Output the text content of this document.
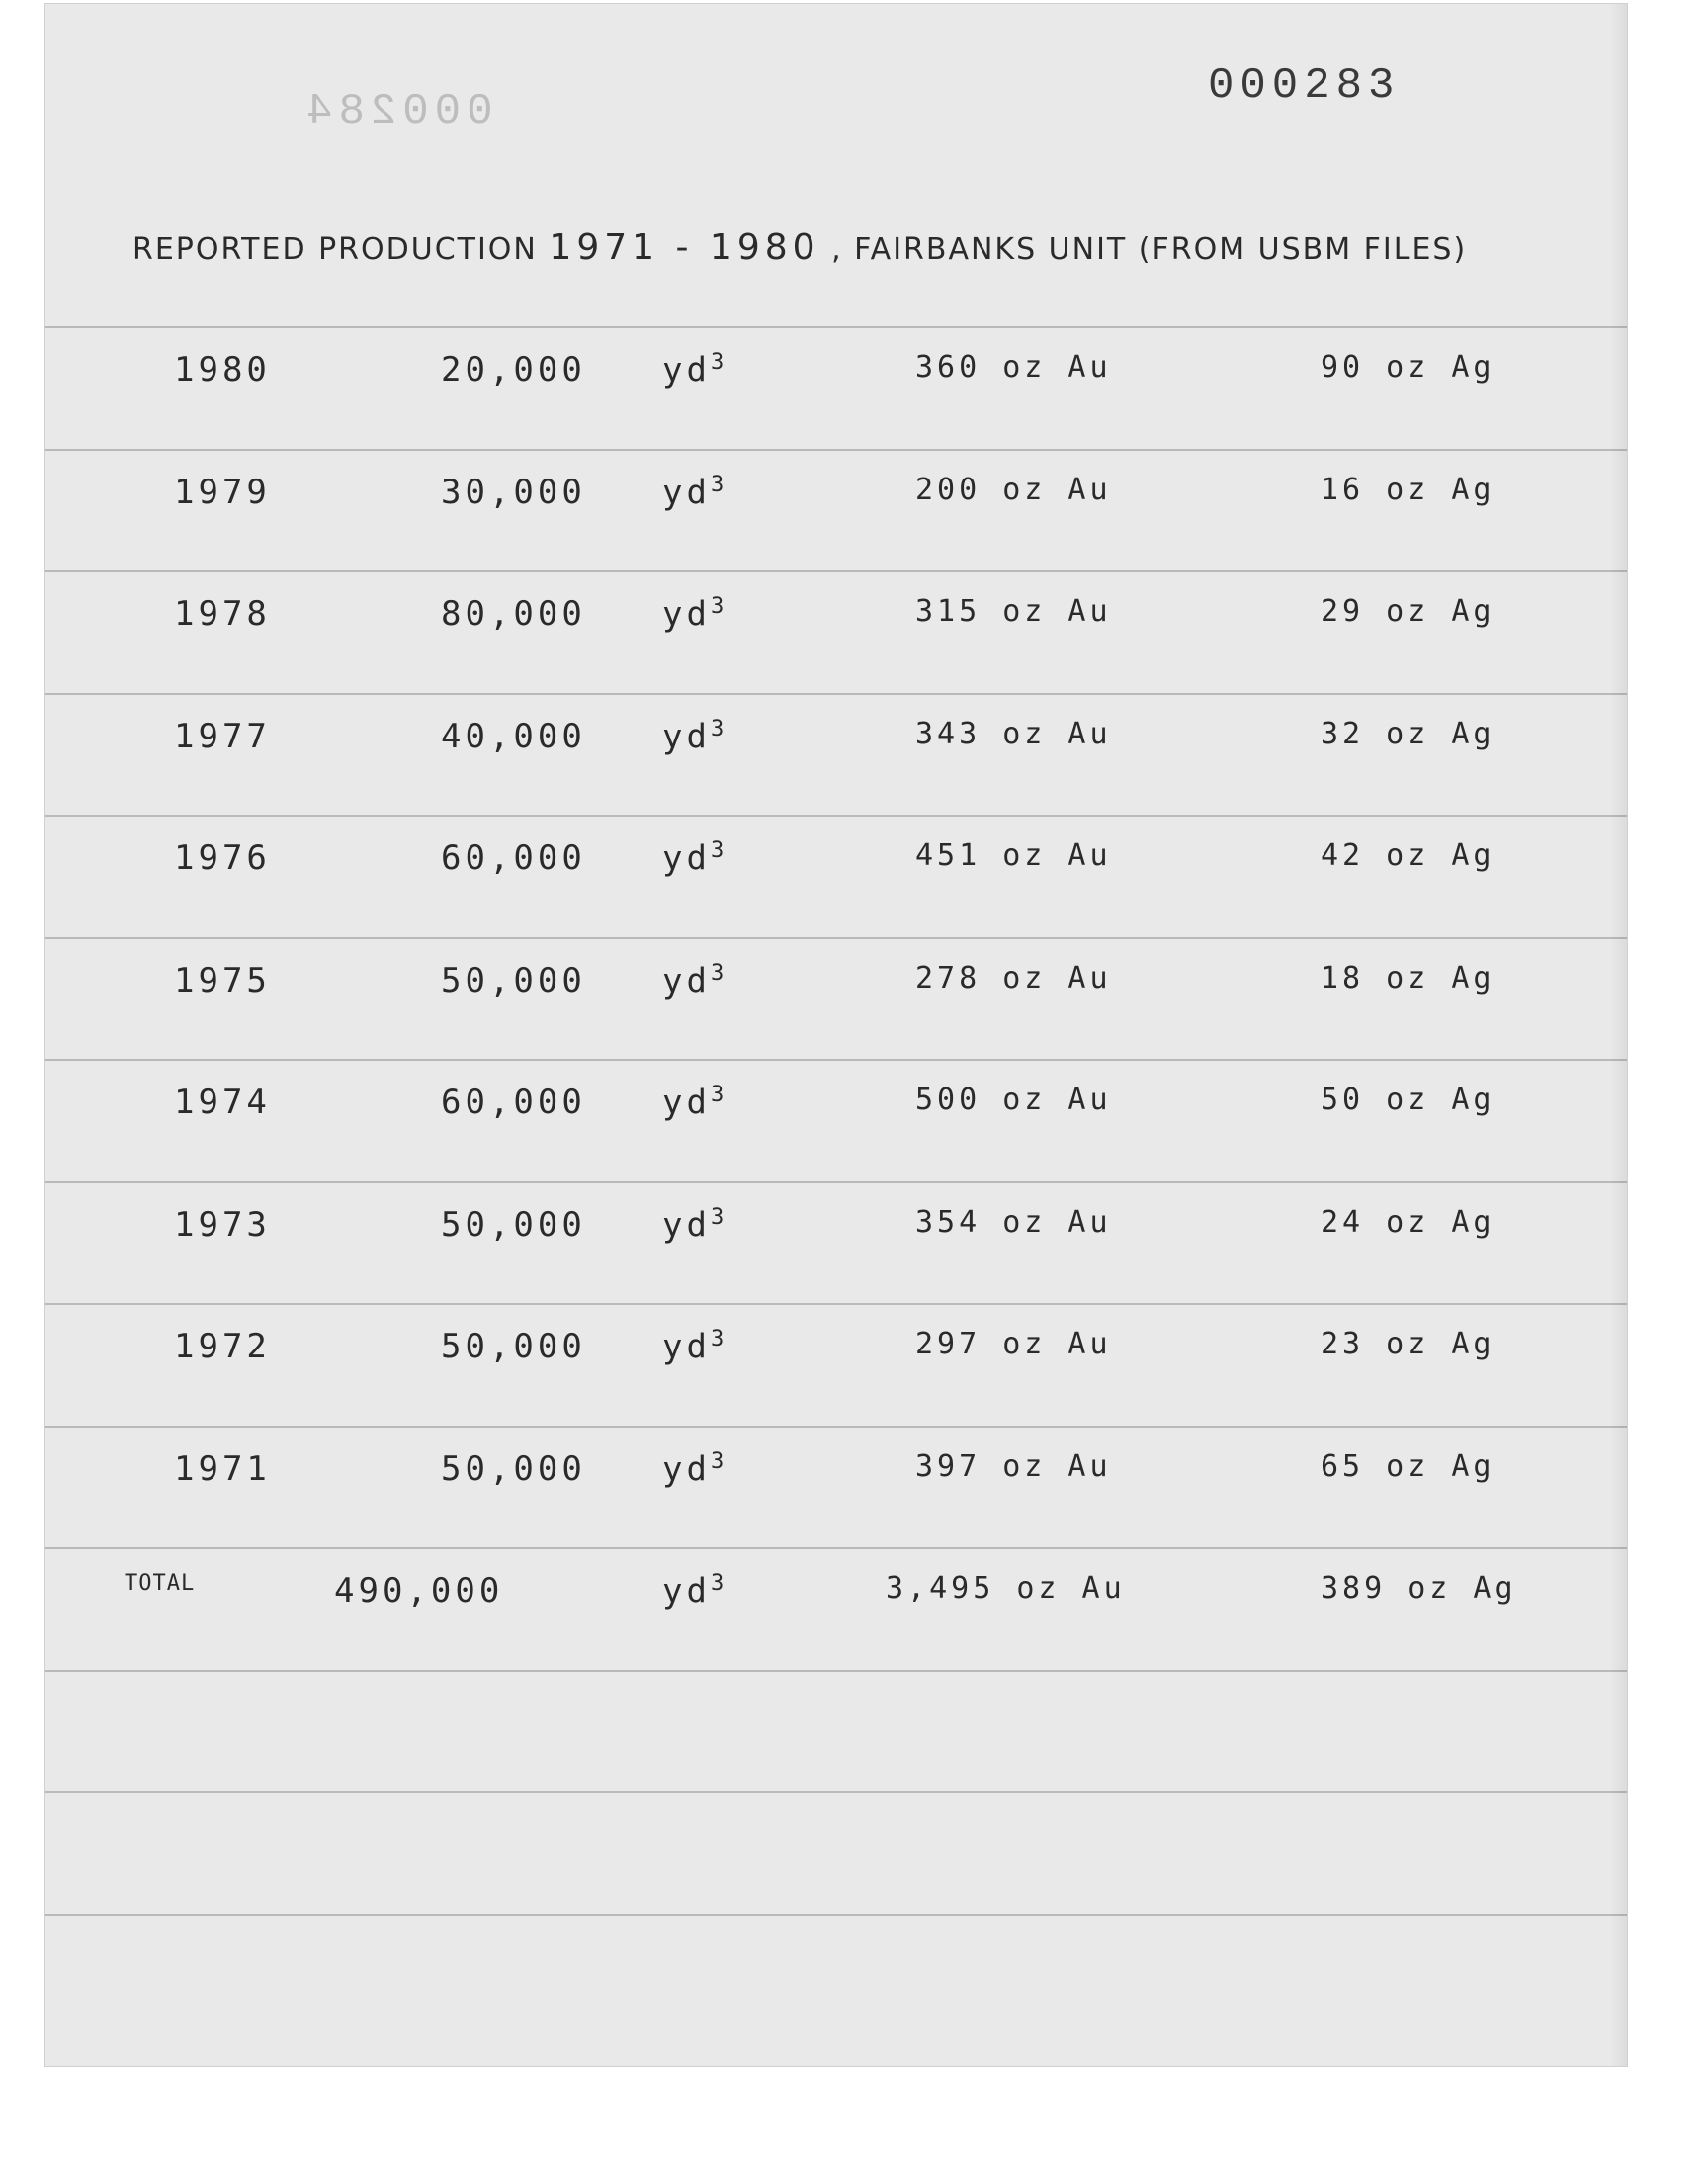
000284
000283
REPORTED PRODUCTION 1971 - 1980 , FAIRBANKS UNIT (FROM USBM FILES)
1980	20,000 $yd^3$	360 oz Au	90 oz Ag
1979	30,000 $yd^3$	200 oz Au	16 oz Ag
1978	80,000 $yd^3$	315 oz Au	29 oz Ag
1977	40,000 $yd^3$	343 oz Au	32 oz Ag
1976	60,000 $yd^3$	451 oz Au	42 oz Ag
1975	50,000 $yd^3$	278 oz Au	18 oz Ag
1974	60,000 $yd^3$	500 oz Au	50 oz Ag
1973	50,000 $yd^3$	354 oz Au	24 oz Ag
1972	50,000 $yd^3$	297 oz Au	23 oz Ag
1971	50,000 $yd^3$	397 oz Au	65 oz Ag
TOTAL	490,000	$yd^3$	3,495 oz Au	389 oz Ag
